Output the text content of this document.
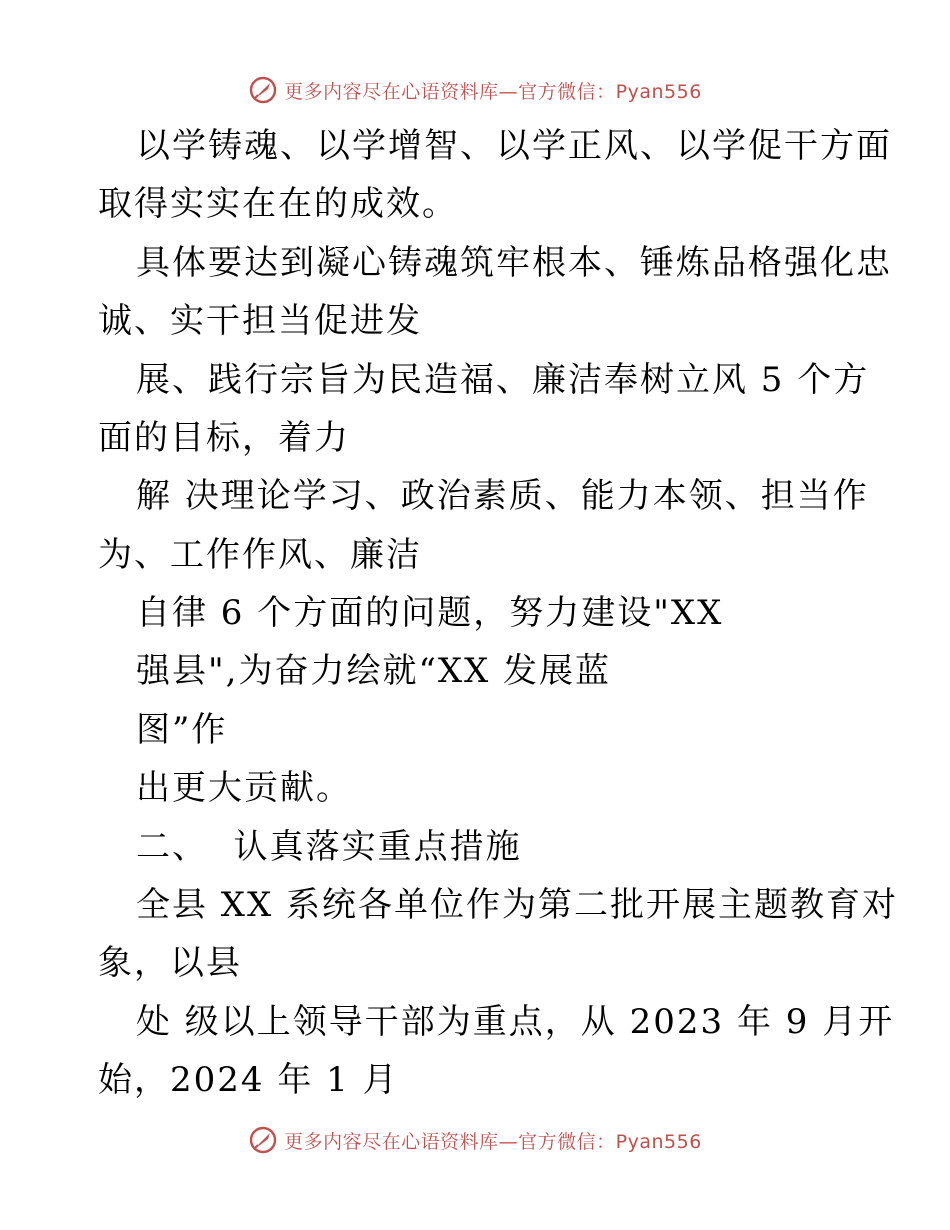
更多内容尽在心语资料库—官方微信：Pyan556
以学铸魂、以学增智、以学正风、以学促干方面
取得实实在在的成效。
具体要达到凝心铸魂筑牢根本、锤炼品格强化忠
诚、实干担当促进发
展、践行宗旨为民造福、廉洁奉树立风 5 个方
面的目标，着力
解 决理论学习、政治素质、能力本领、担当作
为、工作作风、廉洁
自律 6 个方面的问题，努力建设"XX
强县",为奋力绘就“XX 发展蓝
图”作
出更大贡献。
二、  认真落实重点措施
全县 XX 系统各单位作为第二批开展主题教育对
象，以县
处 级以上领导干部为重点，从 2023 年 9 月开
始，2024 年 1 月
更多内容尽在心语资料库—官方微信：Pyan556
